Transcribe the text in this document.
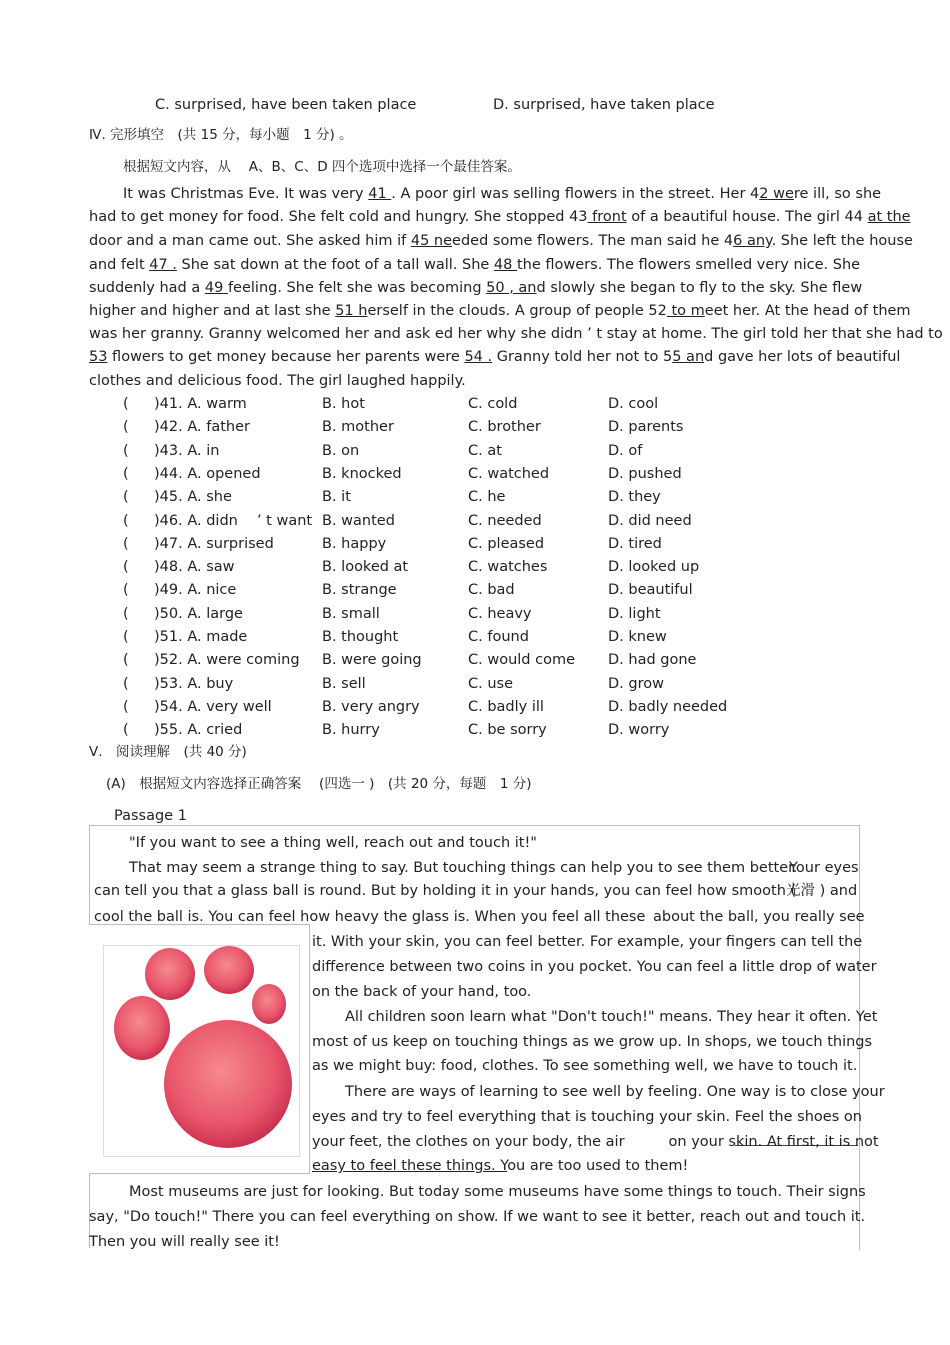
C. surprised, have been taken place	D. surprised, have taken place
Ⅳ. 完形填空　(共 15 分，每小题　1 分) 。
根据短文内容，从　 A、B、C、D 四个选项中选择一个最佳答案。
It was Christmas Eve. It was very 41 . A poor girl was selling flowers in the street. Her 42 were ill, so she
had to get money for food. She felt cold and hungry. She stopped 43 front of a beautiful house. The girl 44 at the
door and a man came out. She asked him if 45 needed some flowers. The man said he 46 any. She left the house
and felt 47 . She sat down at the foot of a tall wall. She 48 the flowers. The flowers smelled very nice. She
suddenly had a 49 feeling. She felt she was becoming 50 , and slowly she began to fly to the sky. She flew
higher and higher and at last she 51 herself in the clouds. A group of people 52 to meet her. At the head of them
was her granny. Granny welcomed her and ask ed her why she didn ’ t stay at home. The girl told her that she had to
53 flowers to get money because her parents were 54 . Granny told her not to 55 and gave her lots of beautiful
clothes and delicious food. The girl laughed happily.
( )41. A. warm	B. hot	C. cold	D. cool
( )42. A. father	B. mother	C. brother	D. parents
( )43. A. in	B. on	C. at	D. of
( )44. A. opened	B. knocked	C. watched	D. pushed
( )45. A. she	B. it	C. he	D. they
( )46. A. didn　 ’ t want B. wanted	C. needed	D. did need
( )47. A. surprised	B. happy	C. pleased	D. tired
( )48. A. saw	B. looked at	C. watches	D. looked up
( )49. A. nice	B. strange	C. bad	D. beautiful
( )50. A. large	B. small	C. heavy	D. light
( )51. A. made	B. thought	C. found	D. knew
( )52. A. were coming B. were going	C. would come D. had gone
( )53. A. buy	B. sell	C. use	D. grow
( )54. A. very well	B. very angry	C. badly ill	D. badly needed
( )55. A. cried	B. hurry	C. be sorry	D. worry
Ⅴ.　阅读理解　(共 40 分)
(A)　根据短文内容选择正确答案　 (四选一 )　(共 20 分，每题　1 分)
Passage 1
"If you want to see a thing well, reach out and touch it!"
That may seem a strange thing to say. But touching things can help you to see them better.
Your eyes
can tell you that a glass ball is round. But by holding it in your hands, you can feel how smooth (
光滑 ) and
cool the ball is. You can feel how heavy the glass is. When you feel all these about the ball, you really see
it. With your skin, you can feel better. For example, your fingers can tell the
difference between two coins in you pocket. You can feel a little drop of water
on the back of your hand, too.
All children soon learn what "Don't touch!" means. They hear it often. Yet
most of us keep on touching things as we grow up. In shops, we touch things
as we might buy: food, clothes. To see something well, we have to touch it.
There are ways of learning to see well by feeling. One way is to close your
eyes and try to feel everything that is touching your skin. Feel the shoes on
your feet, the clothes on your body, the air	on your skin. At first, it is not
easy to feel these things. You are too used to them!
Most museums are just for looking. But today some museums have some things to touch. Their signs
say, "Do touch!" There you can feel everything on show. If we want to see it better, reach out and touch it.
Then you will really see it!
